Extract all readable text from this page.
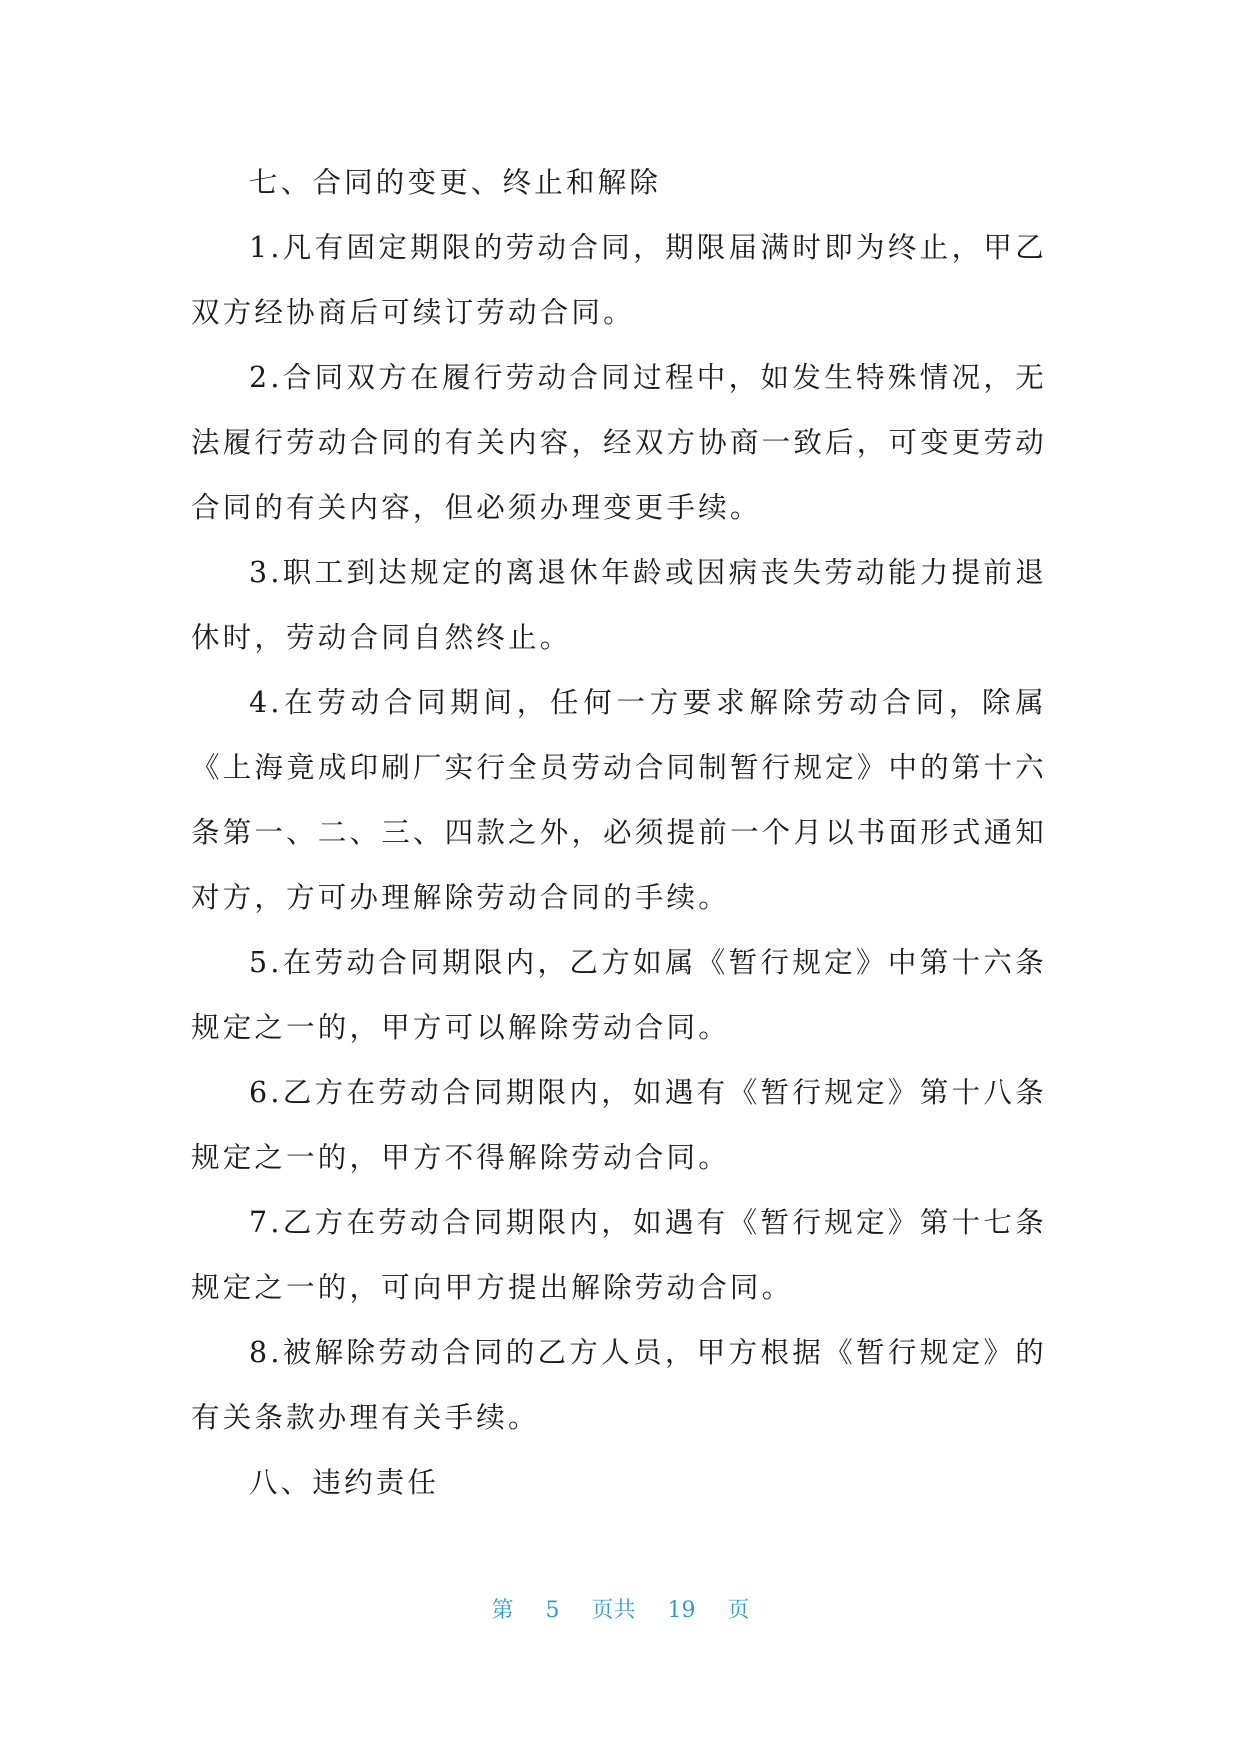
七、合同的变更、终止和解除

1.凡有固定期限的劳动合同，期限届满时即为终止，甲乙双方经协商后可续订劳动合同。

2.合同双方在履行劳动合同过程中，如发生特殊情况，无法履行劳动合同的有关内容，经双方协商一致后，可变更劳动合同的有关内容，但必须办理变更手续。

3.职工到达规定的离退休年龄或因病丧失劳动能力提前退休时，劳动合同自然终止。

4.在劳动合同期间，任何一方要求解除劳动合同，除属《上海竟成印刷厂实行全员劳动合同制暂行规定》中的第十六条第一、二、三、四款之外，必须提前一个月以书面形式通知对方，方可办理解除劳动合同的手续。

5.在劳动合同期限内，乙方如属《暂行规定》中第十六条规定之一的，甲方可以解除劳动合同。

6.乙方在劳动合同期限内，如遇有《暂行规定》第十八条规定之一的，甲方不得解除劳动合同。

7.乙方在劳动合同期限内，如遇有《暂行规定》第十七条规定之一的，可向甲方提出解除劳动合同。

8.被解除劳动合同的乙方人员，甲方根据《暂行规定》的有关条款办理有关手续。

八、违约责任

第 5 页共 19 页
